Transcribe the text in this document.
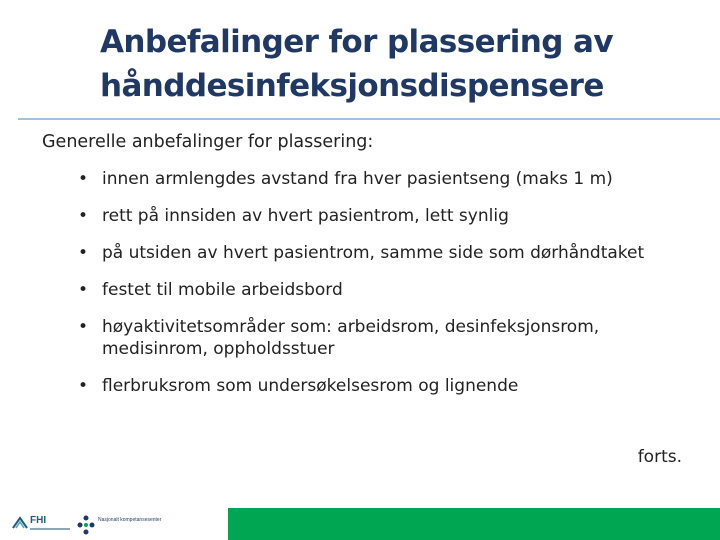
Anbefalinger for plassering av
hånddesinfeksjonsdispensere
Generelle anbefalinger for plassering:
• innen armlengdes avstand fra hver pasientseng (maks 1 m)
• rett på innsiden av hvert pasientrom, lett synlig
• på utsiden av hvert pasientrom, samme side som dørhåndtaket
• festet til mobile arbeidsbord
• høyaktivitetsområder som: arbeidsrom, desinfeksjonsrom, medisinrom, oppholdsstuer
• flerbruksrom som undersøkelsesrom og lignende
forts.
FHI	Nasjonalt kompetansesenter
